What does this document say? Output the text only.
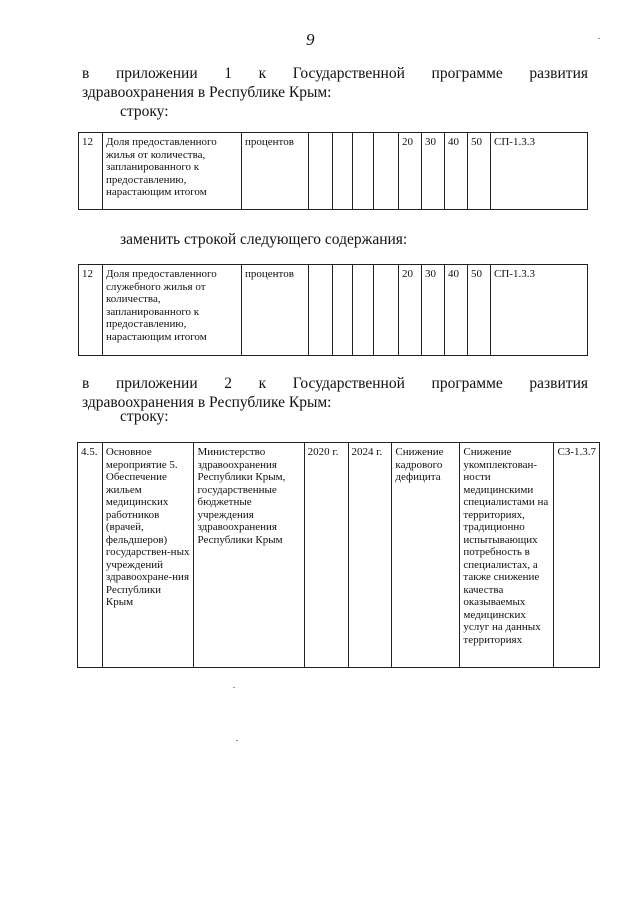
9
в приложении 1 к Государственной программе развития
здравоохранения в Республике Крым:
строку:
12	Доля предоставленного жилья от количества, запланированного к предоставлению, нарастающим итогом	процентов					20	30	40	50	СП-1.3.3
заменить строкой следующего содержания:
12	Доля предоставленного служебного жилья от количества, запланированного к предоставлению, нарастающим итогом	процентов					20	30	40	50	СП-1.3.3
в приложении 2 к Государственной программе развития
здравоохранения в Республике Крым:
строку:
4.5.	Основное мероприятие 5. Обеспечение жильем медицинских работников (врачей, фельдшеров) государствен-ных учреждений здравоохране-ния Республики Крым	Министерство здравоохранения Республики Крым, государственные бюджетные учреждения здравоохранения Республики Крым	2020 г.	2024 г.	Снижение кадрового дефицита	Снижение укомплектован-ности медицинскими специалистами на территориях, традиционно испытывающих потребность в специалистах, а также снижение качества оказываемых медицинских услуг на данных территориях	СЗ-1.3.7
